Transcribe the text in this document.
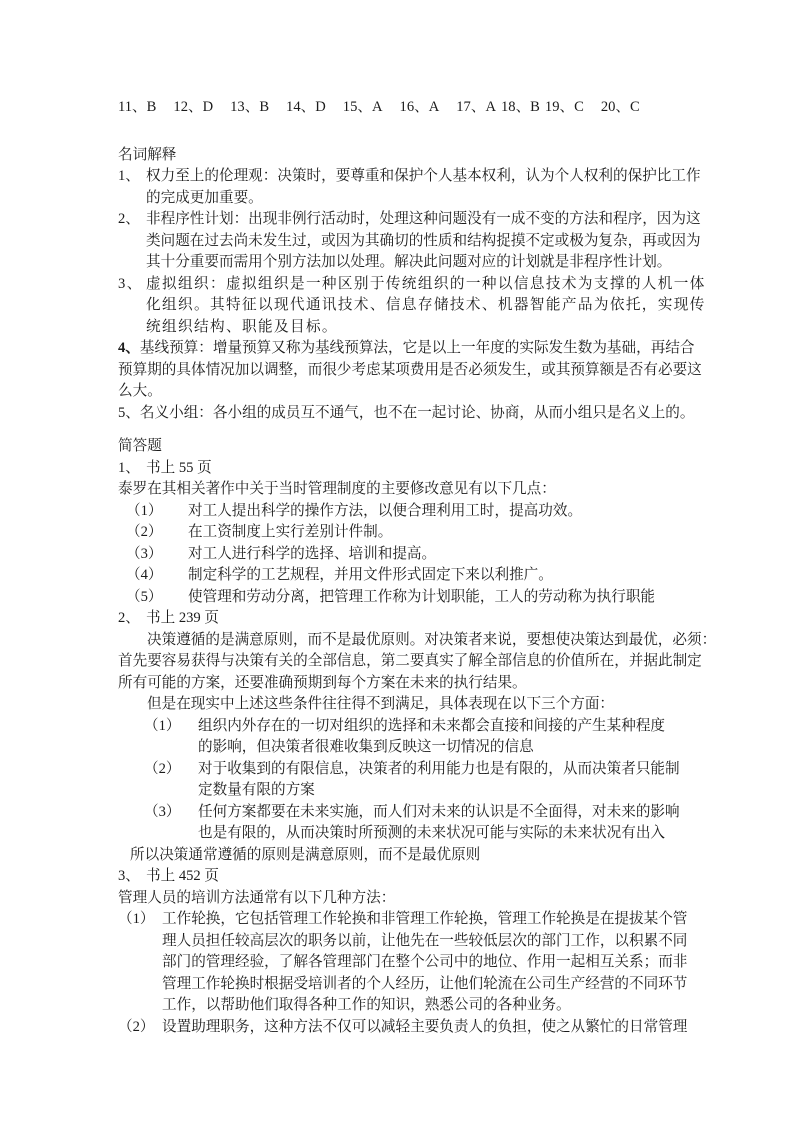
11、B 12、D 13、B 14、D 15、A 16、A 17、A 18、B 19、C 20、C
名词解释
1、 权力至上的伦理观：决策时，要尊重和保护个人基本权利，认为个人权利的保护比工作
的完成更加重要。
2、 非程序性计划：出现非例行活动时，处理这种问题没有一成不变的方法和程序，因为这
类问题在过去尚未发生过，或因为其确切的性质和结构捉摸不定或极为复杂，再或因为
其十分重要而需用个别方法加以处理。解决此问题对应的计划就是非程序性计划。
3、 虚拟组织：虚拟组织是一种区别于传统组织的一种以信息技术为支撑的人机一体
化组织。其特征以现代通讯技术、信息存储技术、机器智能产品为依托，实现传
统组织结构、职能及目标。
4、基线预算：增量预算又称为基线预算法，它是以上一年度的实际发生数为基础，再结合
预算期的具体情况加以调整，而很少考虑某项费用是否必须发生，或其预算额是否有必要这
么大。
5、名义小组：各小组的成员互不通气，也不在一起讨论、协商，从而小组只是名义上的。
简答题
1、 书上 55 页
泰罗在其相关著作中关于当时管理制度的主要修改意见有以下几点：
（1） 对工人提出科学的操作方法，以便合理利用工时，提高功效。
（2） 在工资制度上实行差别计件制。
（3） 对工人进行科学的选择、培训和提高。
（4） 制定科学的工艺规程，并用文件形式固定下来以利推广。
（5） 使管理和劳动分离，把管理工作称为计划职能，工人的劳动称为执行职能
2、 书上 239 页
决策遵循的是满意原则，而不是最优原则。对决策者来说，要想使决策达到最优，必须：
首先要容易获得与决策有关的全部信息，第二要真实了解全部信息的价值所在，并据此制定
所有可能的方案，还要准确预期到每个方案在未来的执行结果。
但是在现实中上述这些条件往往得不到满足，具体表现在以下三个方面：
（1） 组织内外存在的一切对组织的选择和未来都会直接和间接的产生某种程度
的影响，但决策者很难收集到反映这一切情况的信息
（2） 对于收集到的有限信息，决策者的利用能力也是有限的，从而决策者只能制
定数量有限的方案
（3） 任何方案都要在未来实施，而人们对未来的认识是不全面得，对未来的影响
也是有限的，从而决策时所预测的未来状况可能与实际的未来状况有出入
所以决策通常遵循的原则是满意原则，而不是最优原则
3、 书上 452 页
管理人员的培训方法通常有以下几种方法：
（1） 工作轮换，它包括管理工作轮换和非管理工作轮换，管理工作轮换是在提拔某个管
理人员担任较高层次的职务以前，让他先在一些较低层次的部门工作，以积累不同
部门的管理经验，了解各管理部门在整个公司中的地位、作用一起相互关系；而非
管理工作轮换时根据受培训者的个人经历，让他们轮流在公司生产经营的不同环节
工作，以帮助他们取得各种工作的知识，熟悉公司的各种业务。
（2） 设置助理职务，这种方法不仅可以减轻主要负责人的负担，使之从繁忙的日常管理
